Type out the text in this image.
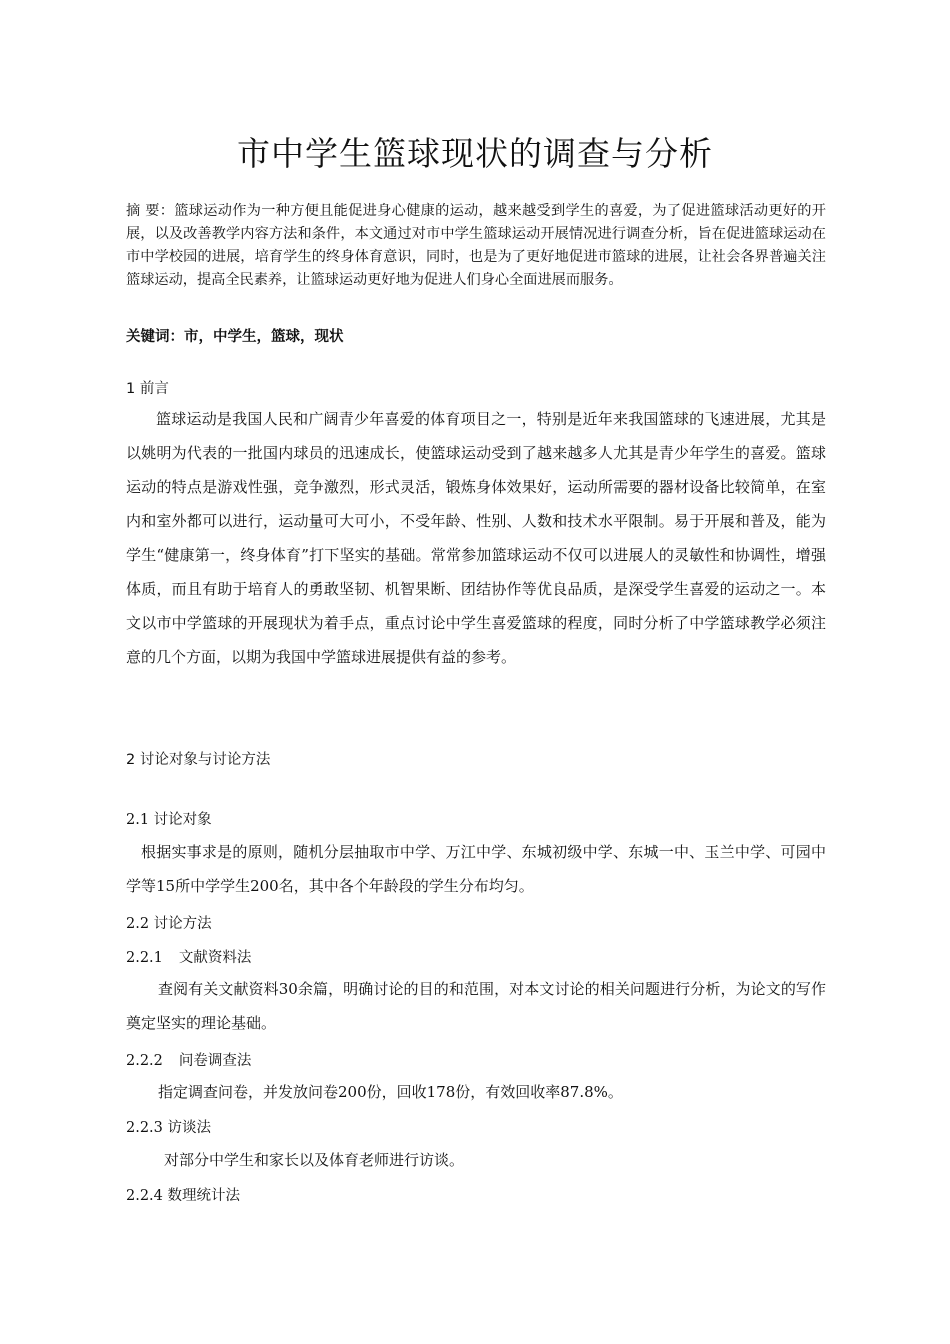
市中学生篮球现状的调查与分析

摘 要：篮球运动作为一种方便且能促进身心健康的运动，越来越受到学生的喜爱，为了促进篮球活动更好的开展，以及改善教学内容方法和条件，本文通过对市中学生篮球运动开展情况进行调查分析，旨在促进篮球运动在市中学校园的进展，培育学生的终身体育意识，同时，也是为了更好地促进市篮球的进展，让社会各界普遍关注篮球运动，提高全民素养，让篮球运动更好地为促进人们身心全面进展而服务。

关键词：市，中学生，篮球，现状

1 前言

篮球运动是我国人民和广阔青少年喜爱的体育项目之一，特别是近年来我国篮球的飞速进展，尤其是以姚明为代表的一批国内球员的迅速成长，使篮球运动受到了越来越多人尤其是青少年学生的喜爱。篮球运动的特点是游戏性强，竞争激烈，形式灵活，锻炼身体效果好，运动所需要的器材设备比较简单，在室内和室外都可以进行，运动量可大可小，不受年龄、性别、人数和技术水平限制。易于开展和普及，能为学生“健康第一，终身体育”打下坚实的基础。常常参加篮球运动不仅可以进展人的灵敏性和协调性，增强体质，而且有助于培育人的勇敢坚韧、机智果断、团结协作等优良品质，是深受学生喜爱的运动之一。本文以市中学篮球的开展现状为着手点，重点讨论中学生喜爱篮球的程度，同时分析了中学篮球教学必须注意的几个方面，以期为我国中学篮球进展提供有益的参考。

2 讨论对象与讨论方法

2.1 讨论对象

根据实事求是的原则，随机分层抽取市中学、万江中学、东城初级中学、东城一中、玉兰中学、可园中学等15所中学学生200名，其中各个年龄段的学生分布均匀。

2.2 讨论方法

2.2.1 文献资料法

查阅有关文献资料30余篇，明确讨论的目的和范围，对本文讨论的相关问题进行分析，为论文的写作奠定坚实的理论基础。

2.2.2 问卷调查法

指定调查问卷，并发放问卷200份，回收178份，有效回收率87.8%。

2.2.3 访谈法

对部分中学生和家长以及体育老师进行访谈。

2.2.4 数理统计法
